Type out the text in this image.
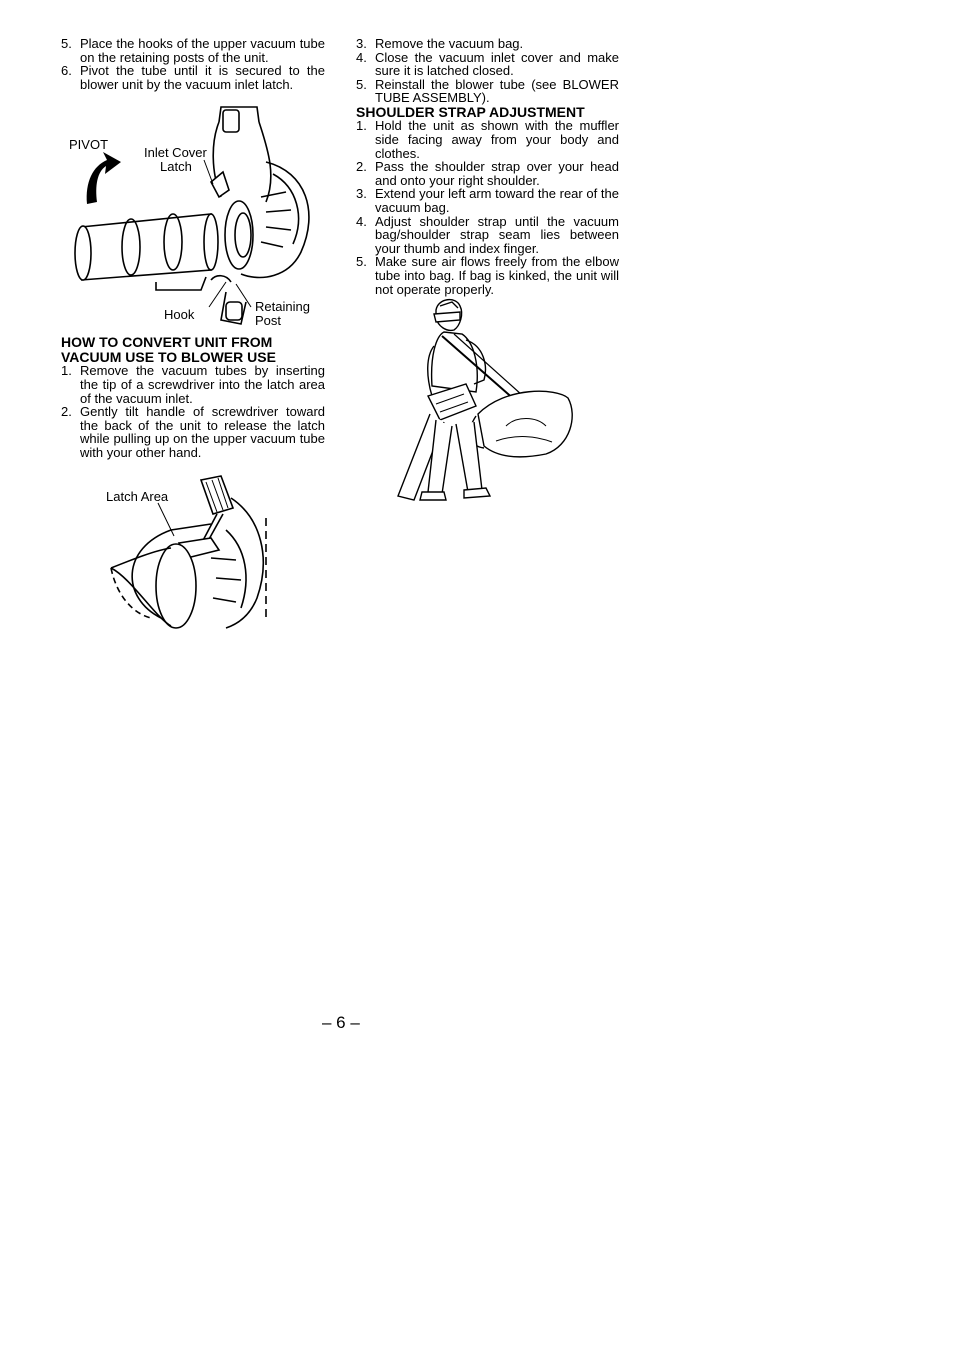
5. Place the hooks of the upper vacuum tube on the retaining posts of the unit.
6. Pivot the tube until it is secured to the blower unit by the vacuum inlet latch.
PIVOT
Inlet Cover
Latch
Hook
Retaining
Post

HOW TO CONVERT UNIT FROM

VACUUM USE TO BLOWER USE

1. Remove the vacuum tubes by inserting the tip of a screwdriver into the latch area of the vacuum inlet.
2. Gently tilt handle of screwdriver toward the back of the unit to release the latch while pulling up on the upper vacuum tube with your other hand.
Latch Area
3. Remove the vacuum bag.
4. Close the vacuum inlet cover and make sure it is latched closed.
5. Reinstall the blower tube (see BLOWER TUBE ASSEMBLY).

SHOULDER STRAP ADJUSTMENT

1. Hold the unit as shown with the muffler side facing away from your body and clothes.
2. Pass the shoulder strap over your head and onto your right shoulder.
3. Extend your left arm toward the rear of the vacuum bag.
4. Adjust shoulder strap until the vacuum bag/shoulder strap seam lies between your thumb and index finger.
5. Make sure air flows freely from the elbow tube into bag. If bag is kinked, the unit will not operate properly.
– 6 –
